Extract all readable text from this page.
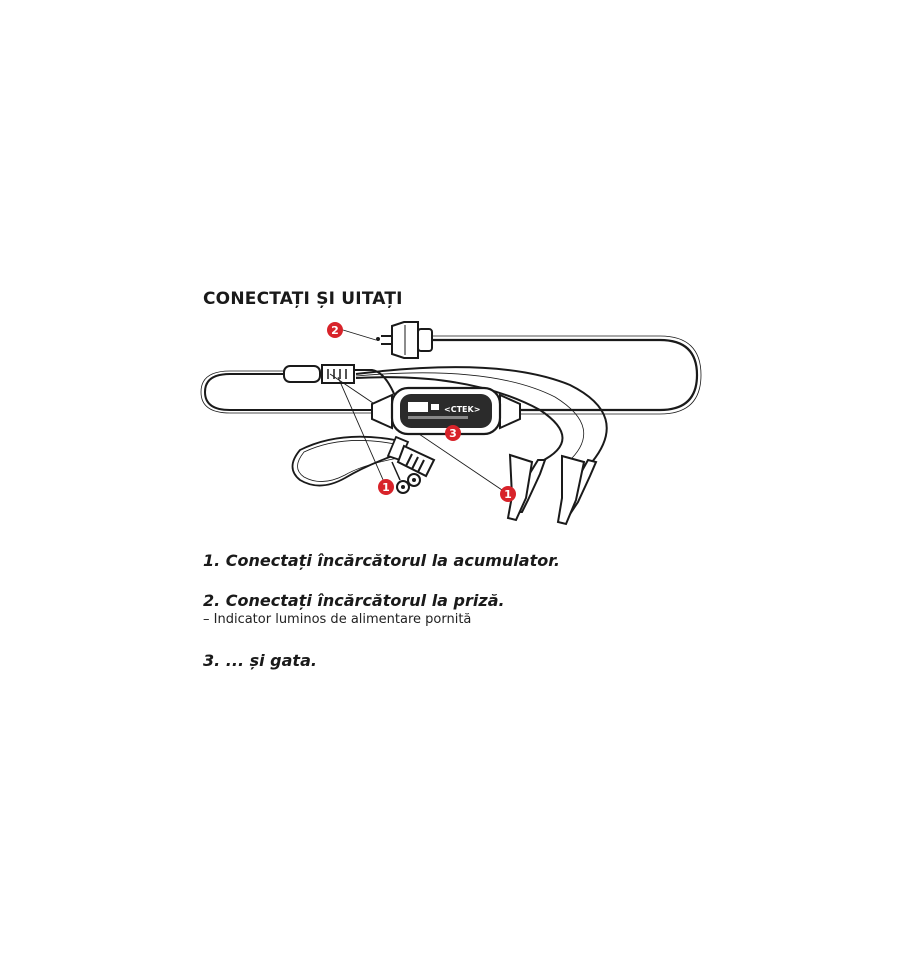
<CTEK>
2
3
1
1
CONECTAȚI ȘI UITAȚI
1. Conectați încărcătorul la acumulator.
2. Conectați încărcătorul la priză.
– Indicator luminos de alimentare pornită
3. ... și gata.
